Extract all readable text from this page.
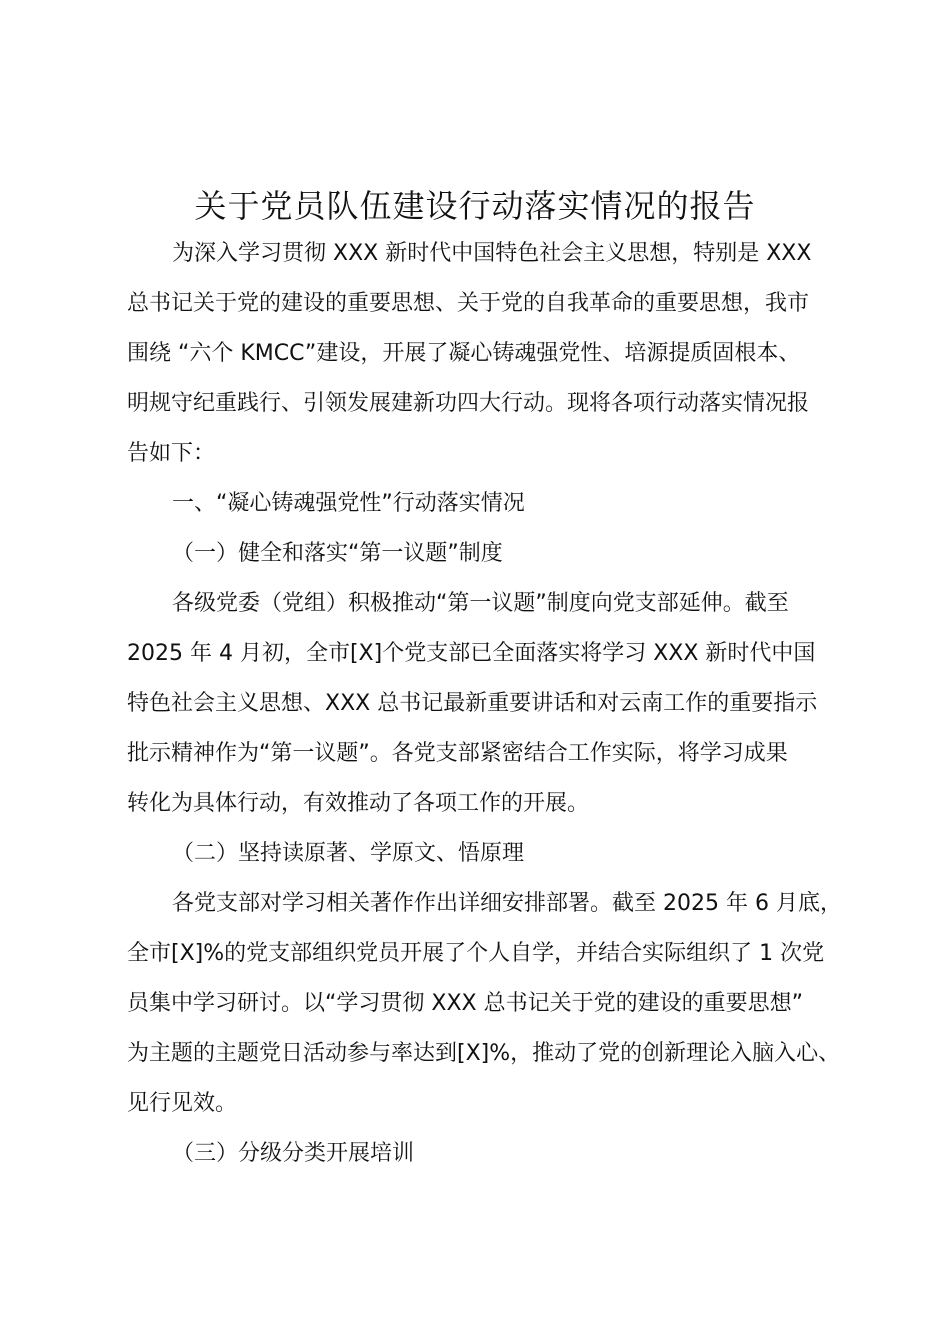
关于党员队伍建设行动落实情况的报告
为深入学习贯彻 XXX 新时代中国特色社会主义思想，特别是 XXX
总书记关于党的建设的重要思想、关于党的自我革命的重要思想，我市
围绕 “六个 KMCC”建设，开展了凝心铸魂强党性、培源提质固根本、
明规守纪重践行、引领发展建新功四大行动。现将各项行动落实情况报
告如下：
一、“凝心铸魂强党性”行动落实情况
（一）健全和落实“第一议题”制度
各级党委（党组）积极推动“第一议题”制度向党支部延伸。截至
2025 年 4 月初，全市[X]个党支部已全面落实将学习 XXX 新时代中国
特色社会主义思想、XXX 总书记最新重要讲话和对云南工作的重要指示
批示精神作为“第一议题”。各党支部紧密结合工作实际，将学习成果
转化为具体行动，有效推动了各项工作的开展。
（二）坚持读原著、学原文、悟原理
各党支部对学习相关著作作出详细安排部署。截至 2025 年 6 月底，
全市[X]%的党支部组织党员开展了个人自学，并结合实际组织了 1 次党
员集中学习研讨。以“学习贯彻 XXX 总书记关于党的建设的重要思想”
为主题的主题党日活动参与率达到[X]%，推动了党的创新理论入脑入心、
见行见效。
（三）分级分类开展培训
